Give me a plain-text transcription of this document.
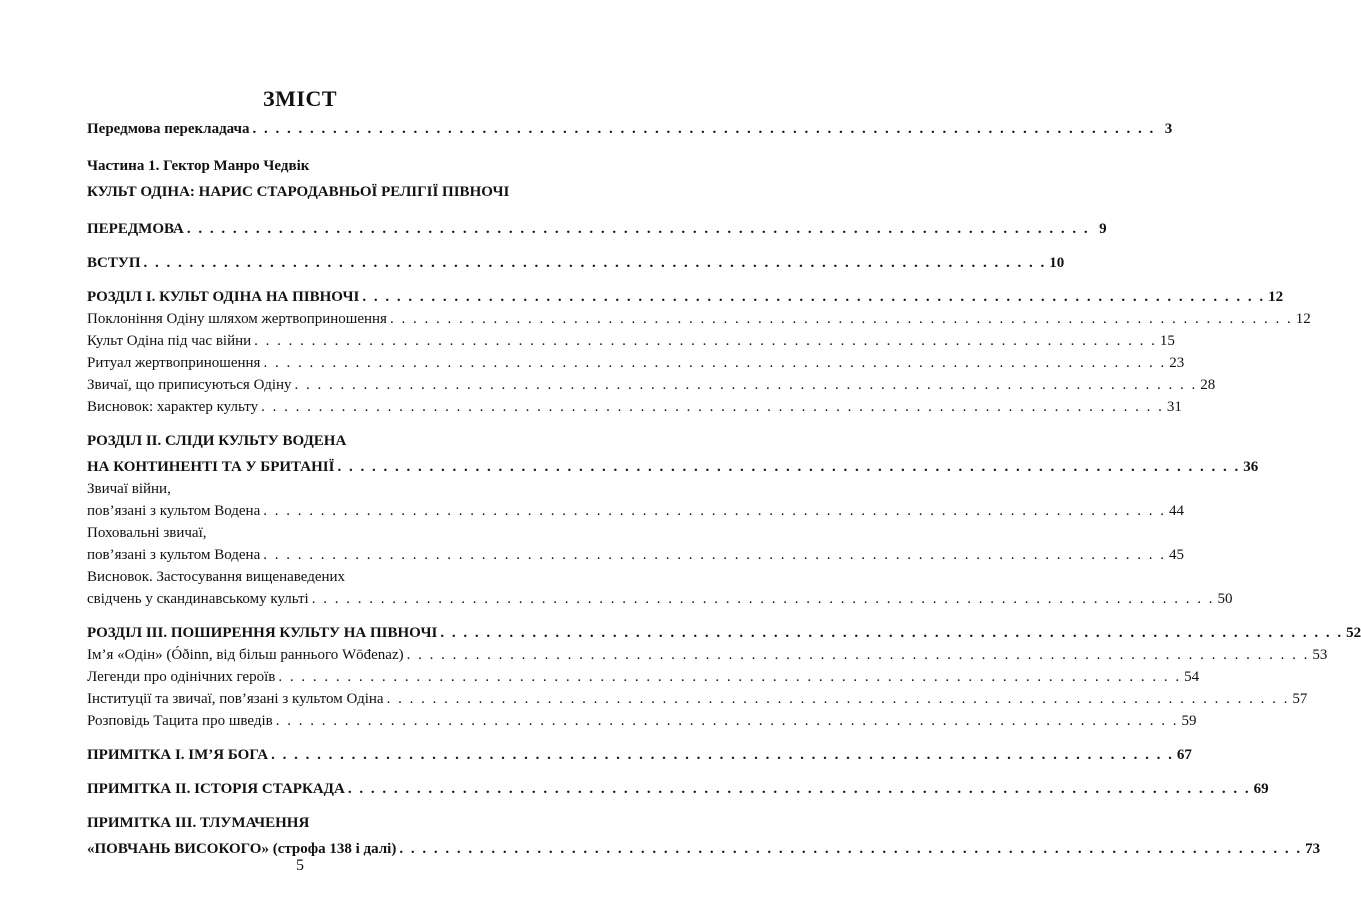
ЗМІСТ
Передмова перекладача . . . . . . . . . . . . . . . . . . . . . . . . . . . . . . . . . . . . . . . . . . . . . . . . . . . . . . . . . . . . . . . . . . . . . . . . . . . . . . . 3
Частина 1. Гектор Манро Чедвік
КУЛЬТ ОДІНА: НАРИС СТАРОДАВНЬОЇ РЕЛІГІЇ ПІВНОЧІ
ПЕРЕДМОВА . . . . . . . . . . . . . . . . . . . . . . . . . . . . . . . . . . . . . . . . . . . . . . . . . . . . . . . . . . . . . . . . . . . . . . . . . . . . . . . 9
ВСТУП . . . . . . . . . . . . . . . . . . . . . . . . . . . . . . . . . . . . . . . . . . . . . . . . . . . . . . . . . . . . . . . . . . . . . . . . . . . . . . . 10
РОЗДІЛ І. КУЛЬТ ОДІНА НА ПІВНОЧІ . . . . . . . . . . . . . . . . . . . . . . . . . . . . . . . . . . . . . . . . . . . . . . . . . . . . . . . . . . . . . . . . . . . . . . . . . . . . . . . 12
Поклоніння Одіну шляхом жертвоприношення . . . . . . . . . . . . . . . . . . . . . . . . . . . . . . . . . . . . . . . . . . . . . . . . . . . . . . . . . . . . . . . . . . . . . . . . . . . . . . . 12
Культ Одіна під час війни . . . . . . . . . . . . . . . . . . . . . . . . . . . . . . . . . . . . . . . . . . . . . . . . . . . . . . . . . . . . . . . . . . . . . . . . . . . . . . . 15
Ритуал жертвоприношення . . . . . . . . . . . . . . . . . . . . . . . . . . . . . . . . . . . . . . . . . . . . . . . . . . . . . . . . . . . . . . . . . . . . . . . . . . . . . . . 23
Звичаї, що приписуються Одіну . . . . . . . . . . . . . . . . . . . . . . . . . . . . . . . . . . . . . . . . . . . . . . . . . . . . . . . . . . . . . . . . . . . . . . . . . . . . . . . 28
Висновок: характер культу . . . . . . . . . . . . . . . . . . . . . . . . . . . . . . . . . . . . . . . . . . . . . . . . . . . . . . . . . . . . . . . . . . . . . . . . . . . . . . . 31
РОЗДІЛ ІІ. СЛІДИ КУЛЬТУ ВОДЕНА
НА КОНТИНЕНТІ ТА У БРИТАНІЇ . . . . . . . . . . . . . . . . . . . . . . . . . . . . . . . . . . . . . . . . . . . . . . . . . . . . . . . . . . . . . . . . . . . . . . . . . . . . . . . 36
Звичаї війни,
пов’язані з культом Водена . . . . . . . . . . . . . . . . . . . . . . . . . . . . . . . . . . . . . . . . . . . . . . . . . . . . . . . . . . . . . . . . . . . . . . . . . . . . . . . 44
Поховальні звичаї,
пов’язані з культом Водена . . . . . . . . . . . . . . . . . . . . . . . . . . . . . . . . . . . . . . . . . . . . . . . . . . . . . . . . . . . . . . . . . . . . . . . . . . . . . . . 45
Висновок. Застосування вищенаведених
свідчень у скандинавському культі . . . . . . . . . . . . . . . . . . . . . . . . . . . . . . . . . . . . . . . . . . . . . . . . . . . . . . . . . . . . . . . . . . . . . . . . . . . . . . . 50
РОЗДІЛ ІІІ. ПОШИРЕННЯ КУЛЬТУ НА ПІВНОЧІ . . . . . . . . . . . . . . . . . . . . . . . . . . . . . . . . . . . . . . . . . . . . . . . . . . . . . . . . . . . . . . . . . . . . . . . . . . . . . . . 52
Ім’я «Одін» (Óðinn, від більш раннього Wōđenaz) . . . . . . . . . . . . . . . . . . . . . . . . . . . . . . . . . . . . . . . . . . . . . . . . . . . . . . . . . . . . . . . . . . . . . . . . . . . . . . . 53
Легенди про одінічних героїв . . . . . . . . . . . . . . . . . . . . . . . . . . . . . . . . . . . . . . . . . . . . . . . . . . . . . . . . . . . . . . . . . . . . . . . . . . . . . . . 54
Інституції та звичаї, пов’язані з культом Одіна . . . . . . . . . . . . . . . . . . . . . . . . . . . . . . . . . . . . . . . . . . . . . . . . . . . . . . . . . . . . . . . . . . . . . . . . . . . . . . . 57
Розповідь Тацита про шведів . . . . . . . . . . . . . . . . . . . . . . . . . . . . . . . . . . . . . . . . . . . . . . . . . . . . . . . . . . . . . . . . . . . . . . . . . . . . . . . 59
ПРИМІТКА І. ІМ’Я БОГА . . . . . . . . . . . . . . . . . . . . . . . . . . . . . . . . . . . . . . . . . . . . . . . . . . . . . . . . . . . . . . . . . . . . . . . . . . . . . . . 67
ПРИМІТКА ІІ. ІСТОРІЯ СТАРКАДА . . . . . . . . . . . . . . . . . . . . . . . . . . . . . . . . . . . . . . . . . . . . . . . . . . . . . . . . . . . . . . . . . . . . . . . . . . . . . . . 69
ПРИМІТКА ІІІ. ТЛУМАЧЕННЯ
«ПОВЧАНЬ ВИСОКОГО» (строфа 138 і далі) . . . . . . . . . . . . . . . . . . . . . . . . . . . . . . . . . . . . . . . . . . . . . . . . . . . . . . . . . . . . . . . . . . . . . . . . . . . . . . . 73
5
